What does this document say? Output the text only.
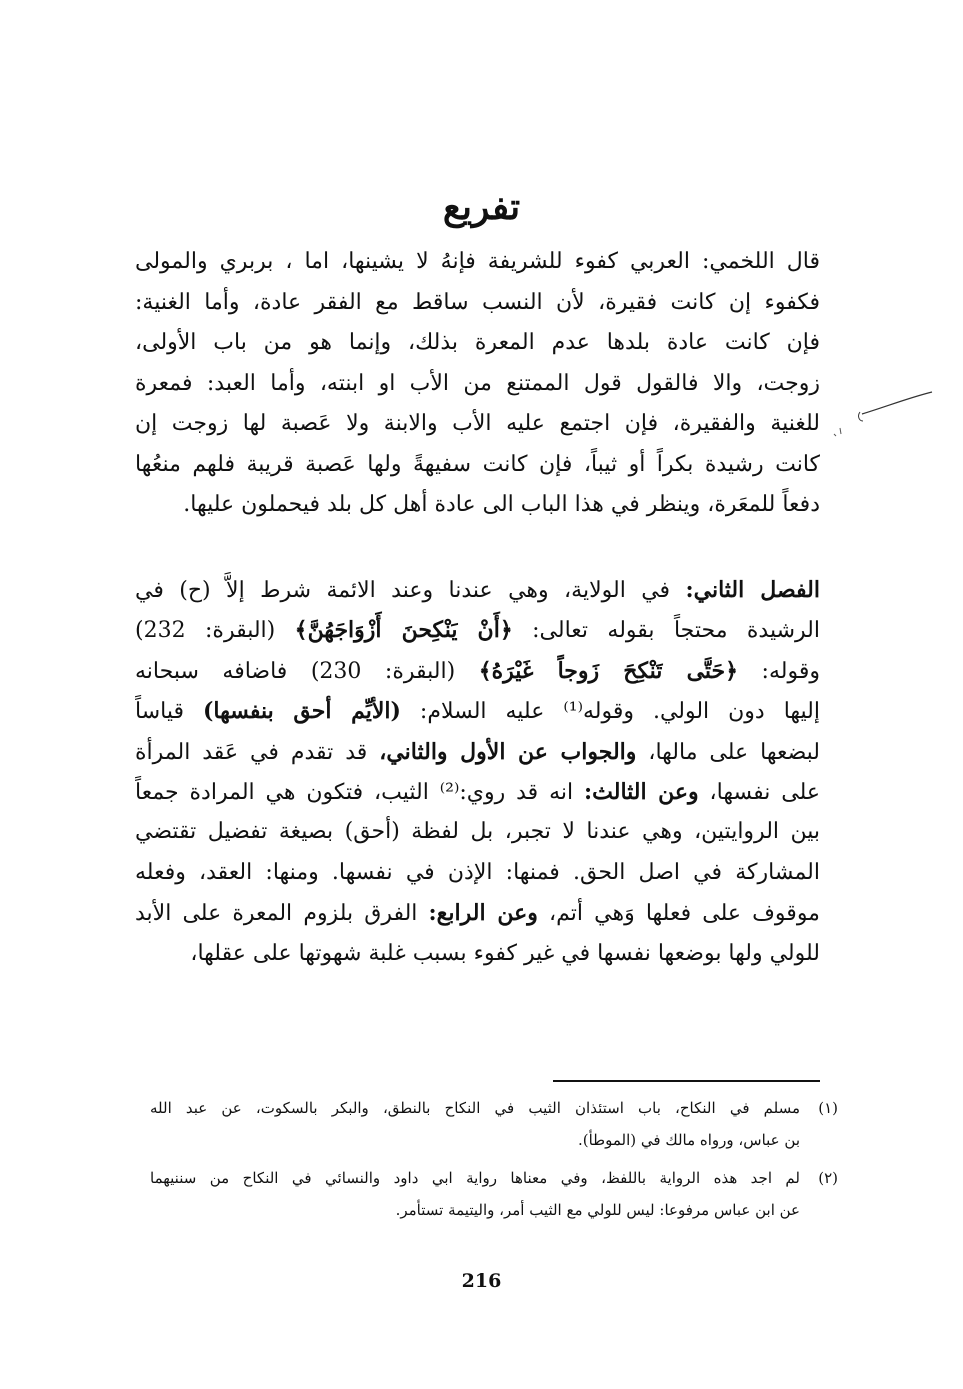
تفريع
قال اللخمي: العربي كفوء للشريفة فإنهُ لا يشينها، اما ، بربري والمولى
فكفوء إن كانت فقيرة، لأن النسب ساقط مع الفقر عادة، وأما الغنية:
فإن كانت عادة بلدها عدم المعرة بذلك، وإنما هو من باب الأولى،
زوجت، والا فالقول قول الممتنع من الأب او ابنته، وأما العبد: فمعرة
للغنية والفقيرة، فإن اجتمع عليه الأب والابنة ولا عَصبة لها زوجت إن
كانت رشيدة بكراً أو ثيباً، فإن كانت سفيهةً ولها عَصبة قريبة فلهم منعُها
دفعاً للمعَرة، وينظر في هذا الباب الى عادة أهل كل بلد فيحملون عليها.
الفصل الثاني: في الولاية، وهي عندنا وعند الائمة شرط إلاَّ (ح) في
الرشيدة محتجاً بقوله تعالى: ﴿أَنْ يَنْكِحنَ أَزْوَاجَهُنَّ﴾ (البقرة: 232)
وقوله: ﴿حَتَّى تَنْكِحَ زَوجاً غَيْرَهُ﴾ (البقرة: 230) فاضافه سبحانه
إليها دون الولي. وقوله⁽¹⁾ عليه السلام: (الأيِّم أحق بنفسها) قياساً
لبضعها على مالها، والجواب عن الأول والثاني، قد تقدم في عَقد المرأة
على نفسها، وعن الثالث: انه قد روي:⁽²⁾ الثيب، فتكون هي المرادة جمعاً
بين الروايتين، وهي عندنا لا تجبر، بل لفظة (أحق) بصيغة تفضيل تقتضي
المشاركة في اصل الحق. فمنها: الإذن في نفسها. ومنها: العقد، وفعله
موقوف على فعلها وَهي أتم، وعن الرابع: الفرق بلزوم المعرة على الأبد
للولي ولها بوضعها نفسها في غير كفوء بسبب غلبة شهوتها على عقلها،
(١)
مسلم في النكاح، باب استئذان الثيب في النكاح بالنطق، والبكر بالسكوت، عن عبد الله
بن عباس، ورواه مالك في (الموطأ).
(٢)
لم اجد هذه الرواية باللفظ، وفي معناها رواية ابي داود والنسائي في النكاح من سننيهما
عن ابن عباس مرفوعا: ليس للولي مع الثيب أمر، واليتيمة تستأمر.
216
